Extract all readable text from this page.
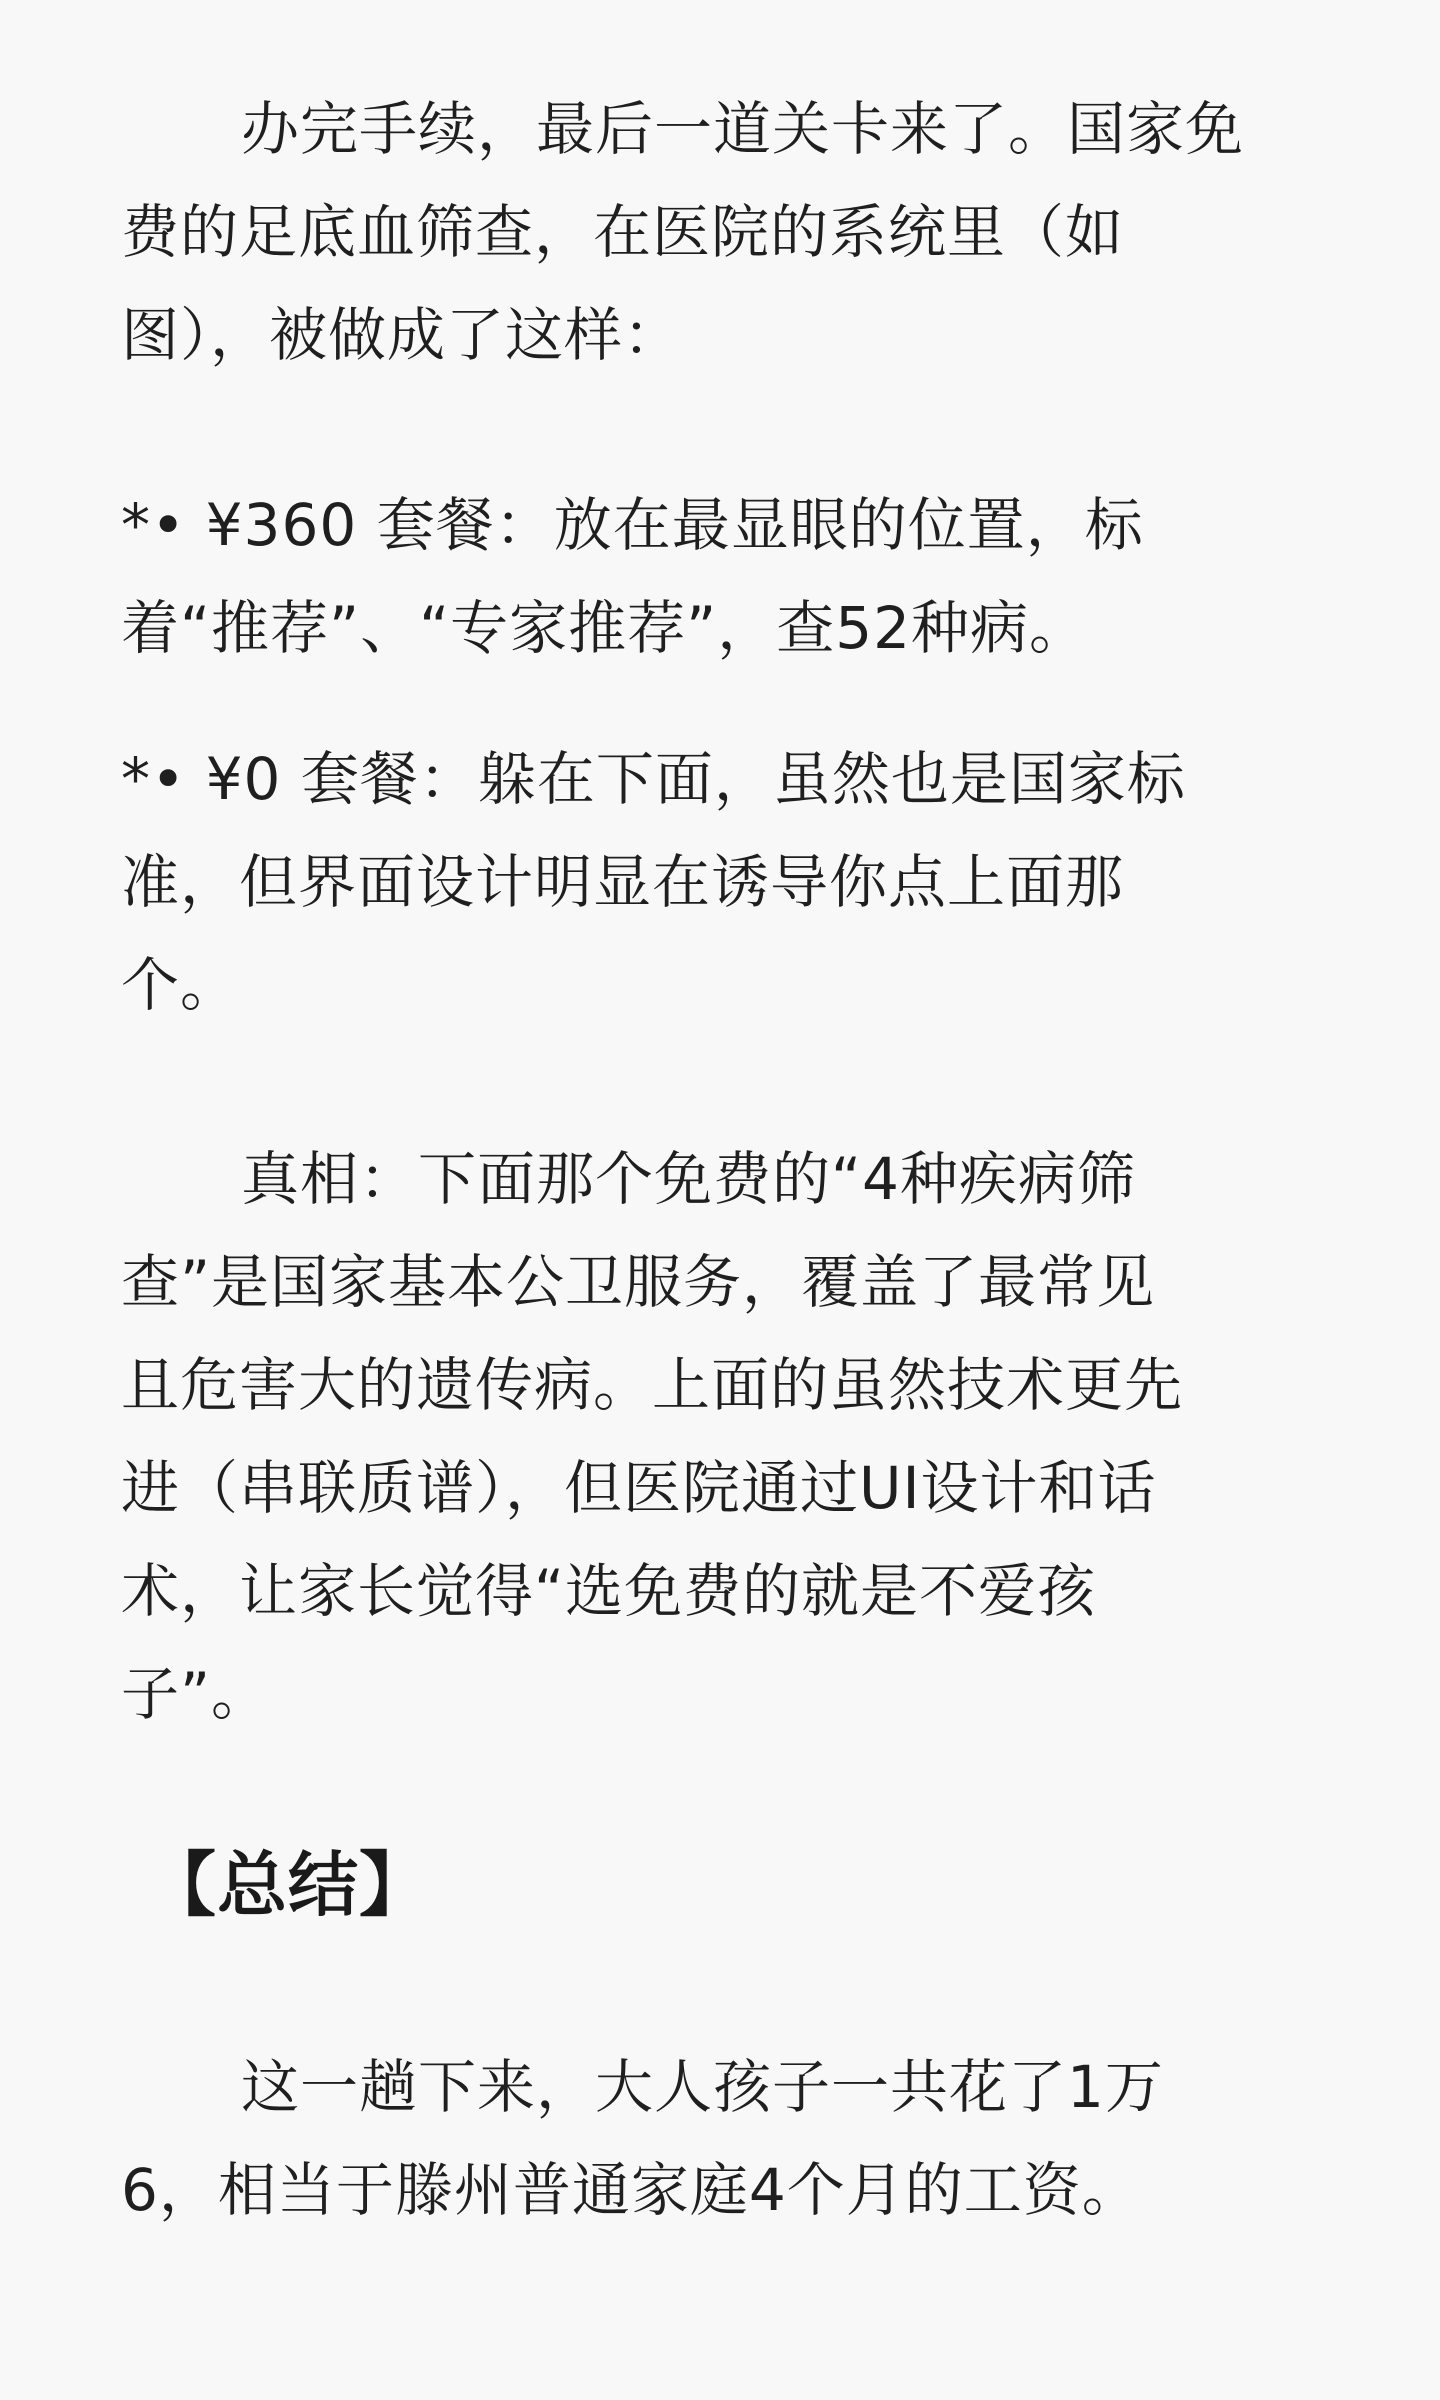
办完手续，最后一道关卡来了。国家免
费的足底血筛查，在医院的系统里（如
图），被做成了这样：
*• ¥360 套餐：放在最显眼的位置，标
着“推荐”、“专家推荐”，查52种病。
*• ¥0 套餐：躲在下面，虽然也是国家标
准，但界面设计明显在诱导你点上面那
个。
真相：下面那个免费的“4种疾病筛
查”是国家基本公卫服务，覆盖了最常见
且危害大的遗传病。上面的虽然技术更先
进（串联质谱），但医院通过UI设计和话
术，让家长觉得“选免费的就是不爱孩
子”。
【总结】
这一趟下来，大人孩子一共花了1万
6，相当于滕州普通家庭4个月的工资。
